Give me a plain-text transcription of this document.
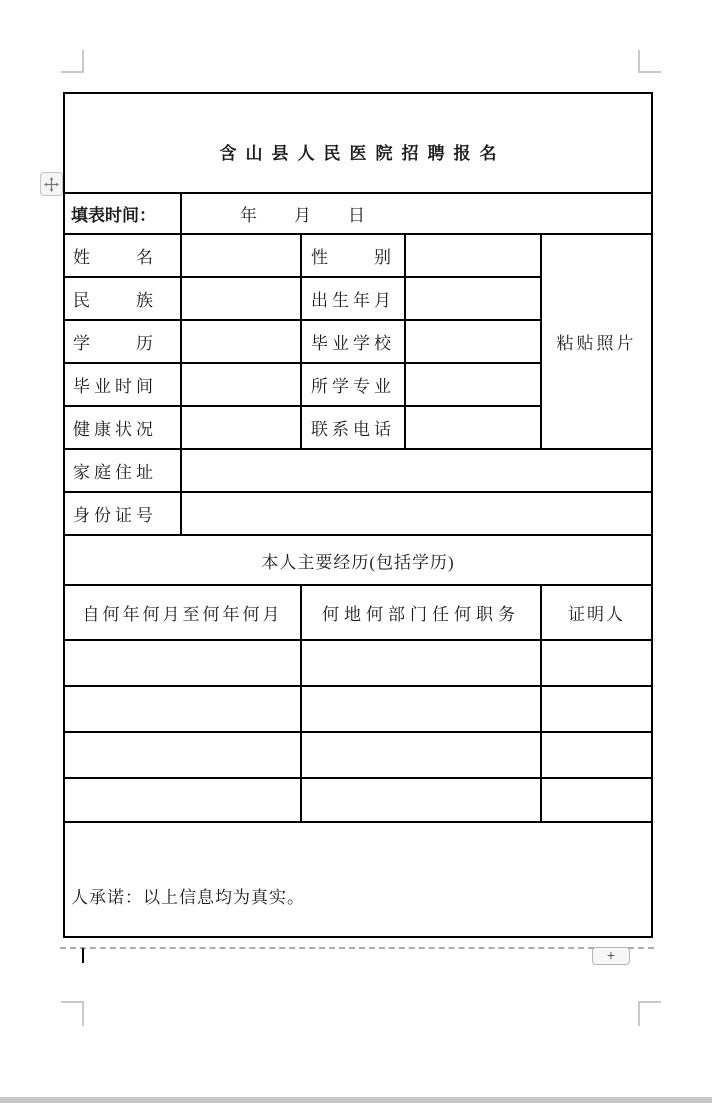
含山县人民医院招聘报名				
填表时间：	年　　月　　日			
姓 名		性 别		粘贴照片
民 族		出生年月		
学 历		毕业学校		
毕业时间		所学专业		
健康状况		联系电话		
家庭住址				
身份证号				
本人主要经历(包括学历)				
自何年何月至何年何月		何地何部门任何职务		证明人

人承诺：以上信息均为真实。				
+
